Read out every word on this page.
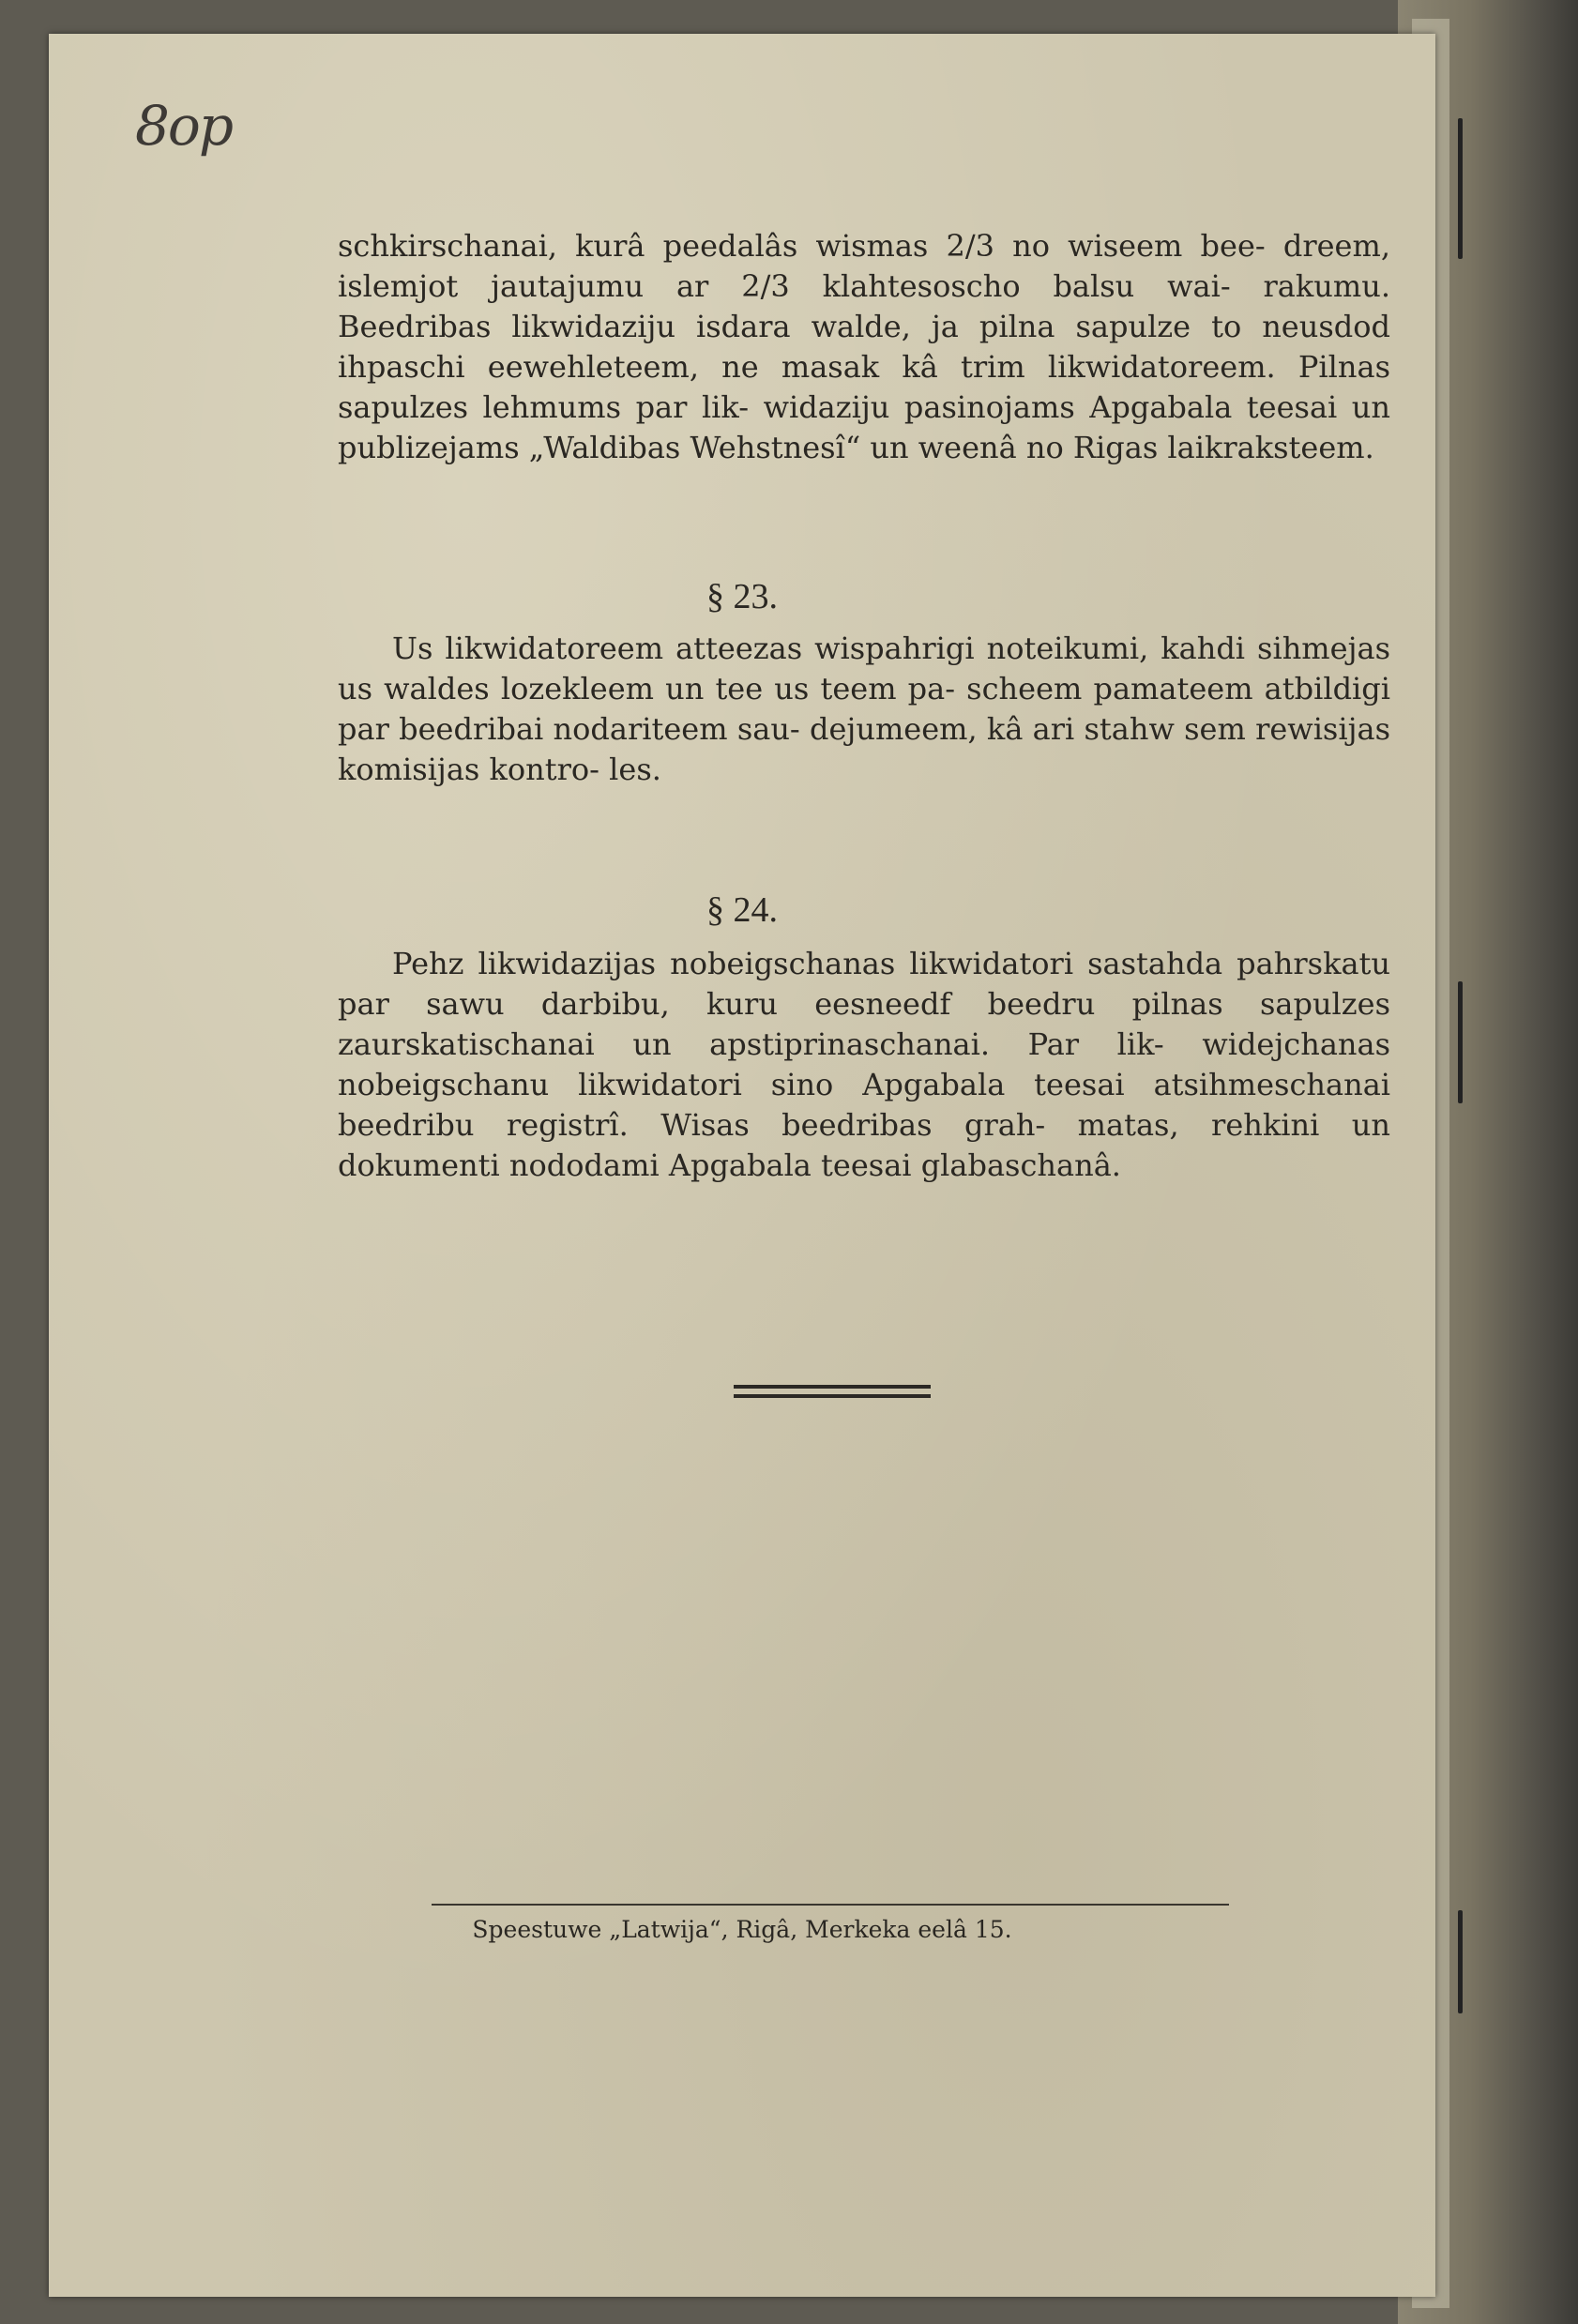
8op

schkirschanai, kurâ peedalâs wismas 2/3 no wiseem bee- dreem, islemjot jautajumu ar 2/3 klahtesoscho balsu wai- rakumu. Beedribas likwidaziju isdara walde, ja pilna sapulze to neusdod ihpaschi eewehleteem, ne masak kâ trim likwidatoreem. Pilnas sapulzes lehmums par lik- widaziju pasinojams Apgabala teesai un publizejams „Waldibas Wehstnesî“ un weenâ no Rigas laikraksteem.

§ 23.

Us likwidatoreem atteezas wispahrigi noteikumi, kahdi sihmejas us waldes lozekleem un tee us teem pa- scheem pamateem atbildigi par beedribai nodariteem sau- dejumeem, kâ ari stahw sem rewisijas komisijas kontro- les.

§ 24.

Pehz likwidazijas nobeigschanas likwidatori sastahda pahrskatu par sawu darbibu, kuru eesneedf beedru pilnas sapulzes zaurskatischanai un apstiprinaschanai. Par lik- widejchanas nobeigschanu likwidatori sino Apgabala teesai atsihmeschanai beedribu registrî. Wisas beedribas grah- matas, rehkini un dokumenti nododami Apgabala teesai glabaschanâ.

Speestuwe „Latwija“, Rigâ, Merkeka eelâ 15.
